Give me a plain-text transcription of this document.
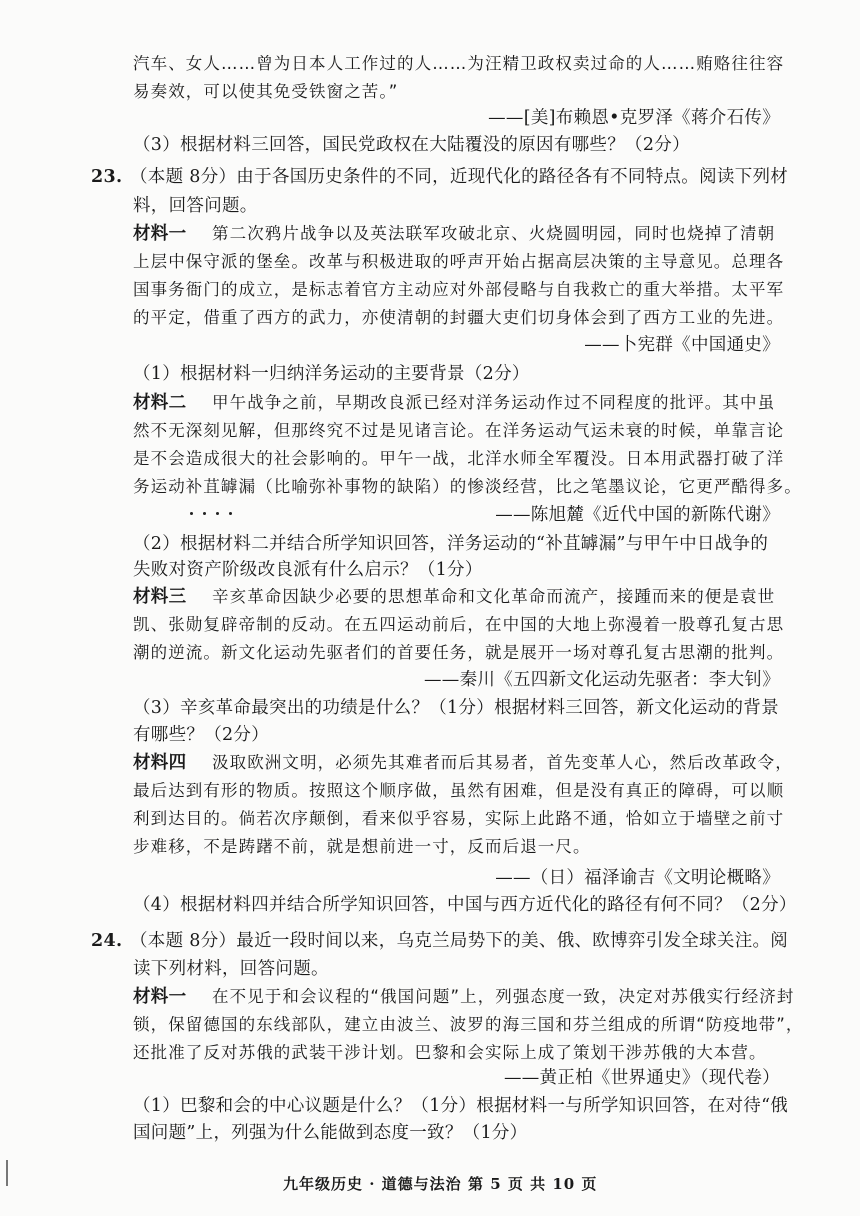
汽车、女人……曾为日本人工作过的人……为汪精卫政权卖过命的人……贿赂往往容
易奏效，可以使其免受铁窗之苦。”
——[美]布赖恩•克罗泽《蒋介石传》
（3）根据材料三回答，国民党政权在大陆覆没的原因有哪些？（2分）
23. （本题 8分）由于各国历史条件的不同，近现代化的路径各有不同特点。阅读下列材
料，回答问题。
材料一 第二次鸦片战争以及英法联军攻破北京、火烧圆明园，同时也烧掉了清朝
上层中保守派的堡垒。改革与积极进取的呼声开始占据高层决策的主导意见。总理各
国事务衙门的成立，是标志着官方主动应对外部侵略与自我救亡的重大举措。太平军
的平定，借重了西方的武力，亦使清朝的封疆大吏们切身体会到了西方工业的先进。
——卜宪群《中国通史》
（1）根据材料一归纳洋务运动的主要背景（2分）
材料二 甲午战争之前，早期改良派已经对洋务运动作过不同程度的批评。其中虽
然不无深刻见解，但那终究不过是见诸言论。在洋务运动气运未衰的时候，单靠言论
是不会造成很大的社会影响的。甲午一战，北洋水师全军覆没。日本用武器打破了洋
务运动补苴罅漏（比喻弥补事物的缺陷）的惨淡经营，比之笔墨议论，它更严酷得多。
——陈旭麓《近代中国的新陈代谢》
（2）根据材料二并结合所学知识回答，洋务运动的“补苴罅漏”与甲午中日战争的
失败对资产阶级改良派有什么启示？（1分）
材料三 辛亥革命因缺少必要的思想革命和文化革命而流产，接踵而来的便是袁世
凯、张勋复辟帝制的反动。在五四运动前后，在中国的大地上弥漫着一股尊孔复古思
潮的逆流。新文化运动先驱者们的首要任务，就是展开一场对尊孔复古思潮的批判。
——秦川《五四新文化运动先驱者：李大钊》
（3）辛亥革命最突出的功绩是什么？（1分）根据材料三回答，新文化运动的背景
有哪些？（2分）
材料四 汲取欧洲文明，必须先其难者而后其易者，首先变革人心，然后改革政令，
最后达到有形的物质。按照这个顺序做，虽然有困难，但是没有真正的障碍，可以顺
利到达目的。倘若次序颠倒，看来似乎容易，实际上此路不通，恰如立于墙壁之前寸
步难移，不是踌躇不前，就是想前进一寸，反而后退一尺。
——（日）福泽谕吉《文明论概略》
（4）根据材料四并结合所学知识回答，中国与西方近代化的路径有何不同？（2分）
24. （本题 8分）最近一段时间以来，乌克兰局势下的美、俄、欧博弈引发全球关注。阅
读下列材料，回答问题。
材料一 在不见于和会议程的“俄国问题”上，列强态度一致，决定对苏俄实行经济封
锁，保留德国的东线部队，建立由波兰、波罗的海三国和芬兰组成的所谓“防疫地带”，
还批准了反对苏俄的武装干涉计划。巴黎和会实际上成了策划干涉苏俄的大本营。
——黄正柏《世界通史》（现代卷）
（1）巴黎和会的中心议题是什么？（1分）根据材料一与所学知识回答，在对待“俄
国问题”上，列强为什么能做到态度一致？（1分）
九年级历史 · 道德与法治 第 5 页 共 10 页
